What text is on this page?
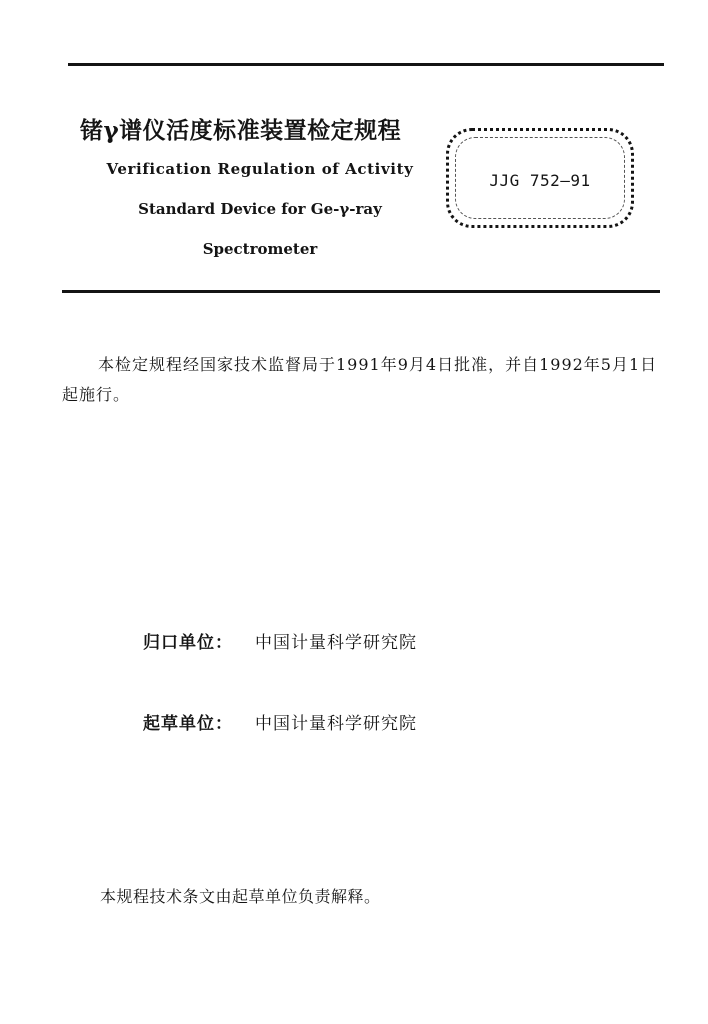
锗γ谱仪活度标准装置检定规程
Verification Regulation of Activity
Standard Device for Ge-γ-ray
Spectrometer
JJG 752—91
本检定规程经国家技术监督局于1991年9月4日批准，并自1992年5月1日起施行。
归口单位： 中国计量科学研究院
起草单位： 中国计量科学研究院
本规程技术条文由起草单位负责解释。
